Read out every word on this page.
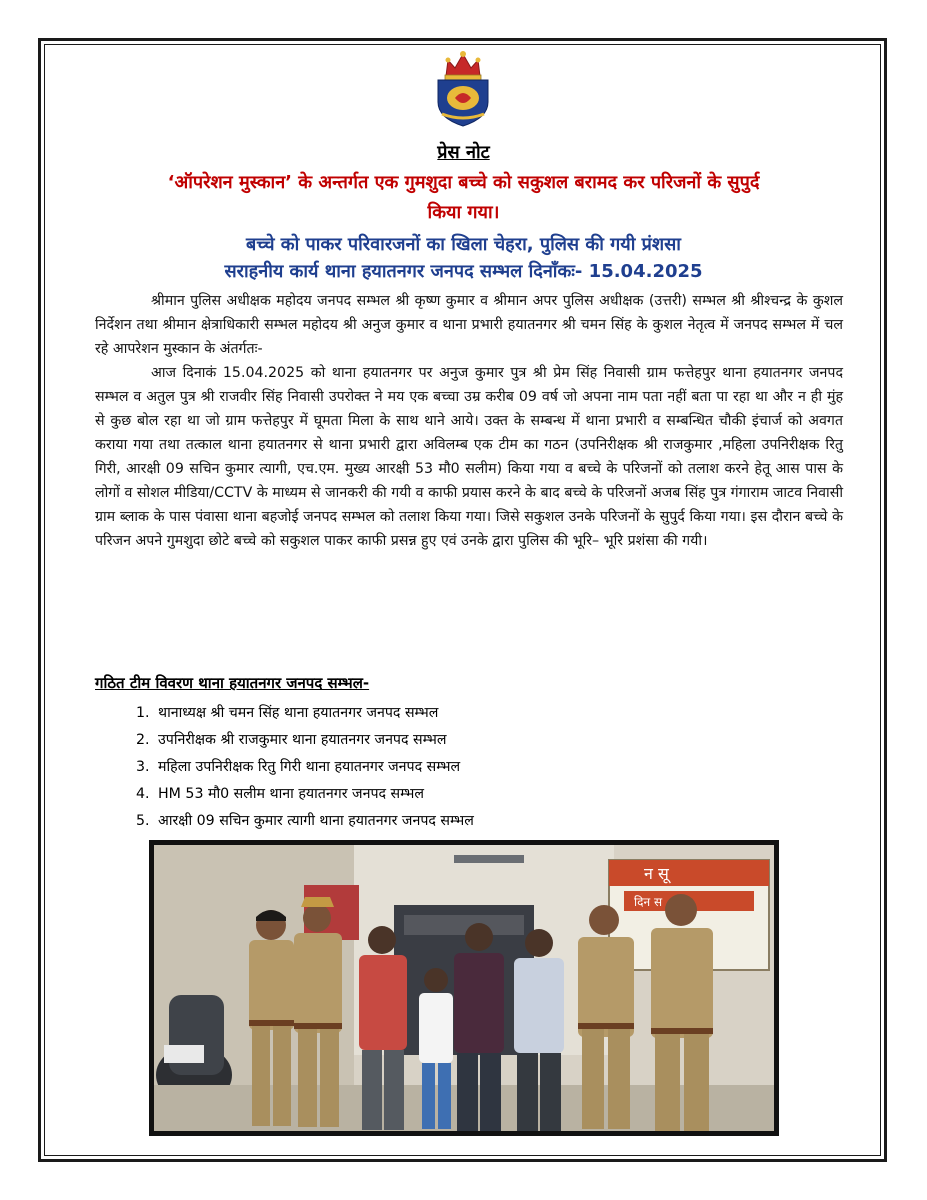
प्रेस नोट
‘ऑपरेशन मुस्कान’ के अन्तर्गत एक गुमशुदा बच्चे को सकुशल बरामद कर परिजनों के सुपुर्द
किया गया।
बच्चे को पाकर परिवारजनों का खिला चेहरा, पुलिस की गयी प्रंशसा
सराहनीय कार्य थाना हयातनगर जनपद सम्भल दिनाँकः- 15.04.2025

श्रीमान पुलिस अधीक्षक महोदय जनपद सम्भल श्री कृष्ण कुमार व श्रीमान अपर पुलिस अधीक्षक (उत्तरी) सम्भल श्री श्रीश्चन्द्र के कुशल निर्देशन तथा श्रीमान क्षेत्राधिकारी सम्भल महोदय श्री अनुज कुमार व थाना प्रभारी हयातनगर श्री चमन सिंह के कुशल नेतृत्व में जनपद सम्भल में चल रहे आपरेशन मुस्कान के अंतर्गतः-

आज दिनाकं 15.04.2025 को थाना हयातनगर पर अनुज कुमार पुत्र श्री प्रेम सिंह निवासी ग्राम फत्तेहपुर थाना हयातनगर जनपद सम्भल व अतुल पुत्र श्री राजवीर सिंह निवासी उपरोक्त ने मय एक बच्चा उम्र करीब 09 वर्ष जो अपना नाम पता नहीं बता पा रहा था और न ही मुंह से कुछ बोल रहा था जो ग्राम फत्तेहपुर में घूमता मिला के साथ थाने आये। उक्त के सम्बन्ध में थाना प्रभारी व सम्बन्धित चौकी इंचार्ज को अवगत कराया गया तथा तत्काल थाना हयातनगर से थाना प्रभारी द्वारा अविलम्ब एक टीम का गठन (उपनिरीक्षक श्री राजकुमार ,महिला उपनिरीक्षक रितु गिरी, आरक्षी 09 सचिन कुमार त्यागी, एच.एम. मुख्य आरक्षी 53 मौ0 सलीम) किया गया व बच्चे के परिजनों को तलाश करने हेतू आस पास के लोगों व सोशल मीडिया/CCTV के माध्यम से जानकरी की गयी व काफी प्रयास करने के बाद बच्चे के परिजनों अजब सिंह पुत्र गंगाराम जाटव निवासी ग्राम ब्लाक के पास पंवासा थाना बहजोई जनपद सम्भल को तलाश किया गया। जिसे सकुशल उनके परिजनों के सुपुर्द किया गया। इस दौरान बच्चे के परिजन अपने गुमशुदा छोटे बच्चे को सकुशल पाकर काफी प्रसन्न हुए एवं उनके द्वारा पुलिस की भूरि– भूरि प्रशंसा की गयी।

गठित टीम विवरण थाना हयातनगर जनपद सम्भल-
1. थानाध्यक्ष श्री चमन सिंह थाना हयातनगर जनपद सम्भल
2. उपनिरीक्षक श्री राजकुमार थाना हयातनगर जनपद सम्भल
3. महिला उपनिरीक्षक रितु गिरी थाना हयातनगर जनपद सम्भल
4. HM 53 मौ0 सलीम थाना हयातनगर जनपद सम्भल
5. आरक्षी 09 सचिन कुमार त्यागी थाना हयातनगर जनपद सम्भल
न सू
दिन स
